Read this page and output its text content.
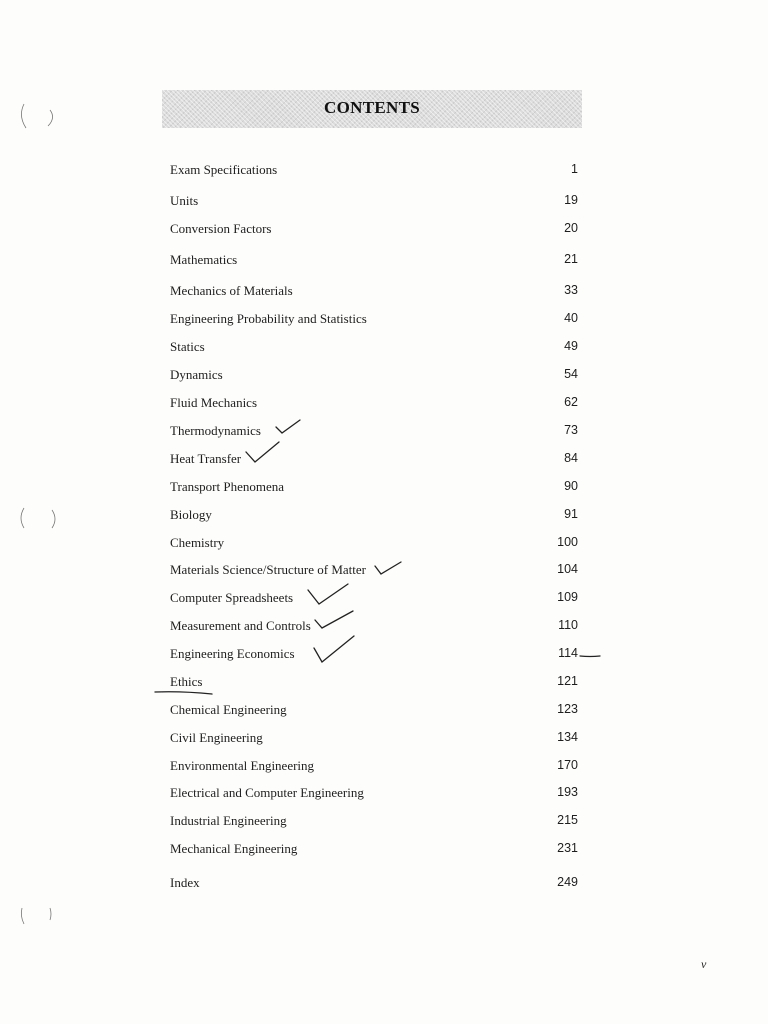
CONTENTS
Exam Specifications	1
Units	19
Conversion Factors	20
Mathematics	21
Mechanics of Materials	33
Engineering Probability and Statistics	40
Statics	49
Dynamics	54
Fluid Mechanics	62
Thermodynamics	73
Heat Transfer	84
Transport Phenomena	90
Biology	91
Chemistry	100
Materials Science/Structure of Matter	104
Computer Spreadsheets	109
Measurement and Controls	110
Engineering Economics	114
Ethics	121
Chemical Engineering	123
Civil Engineering	134
Environmental Engineering	170
Electrical and Computer Engineering	193
Industrial Engineering	215
Mechanical Engineering	231
Index	249
v
